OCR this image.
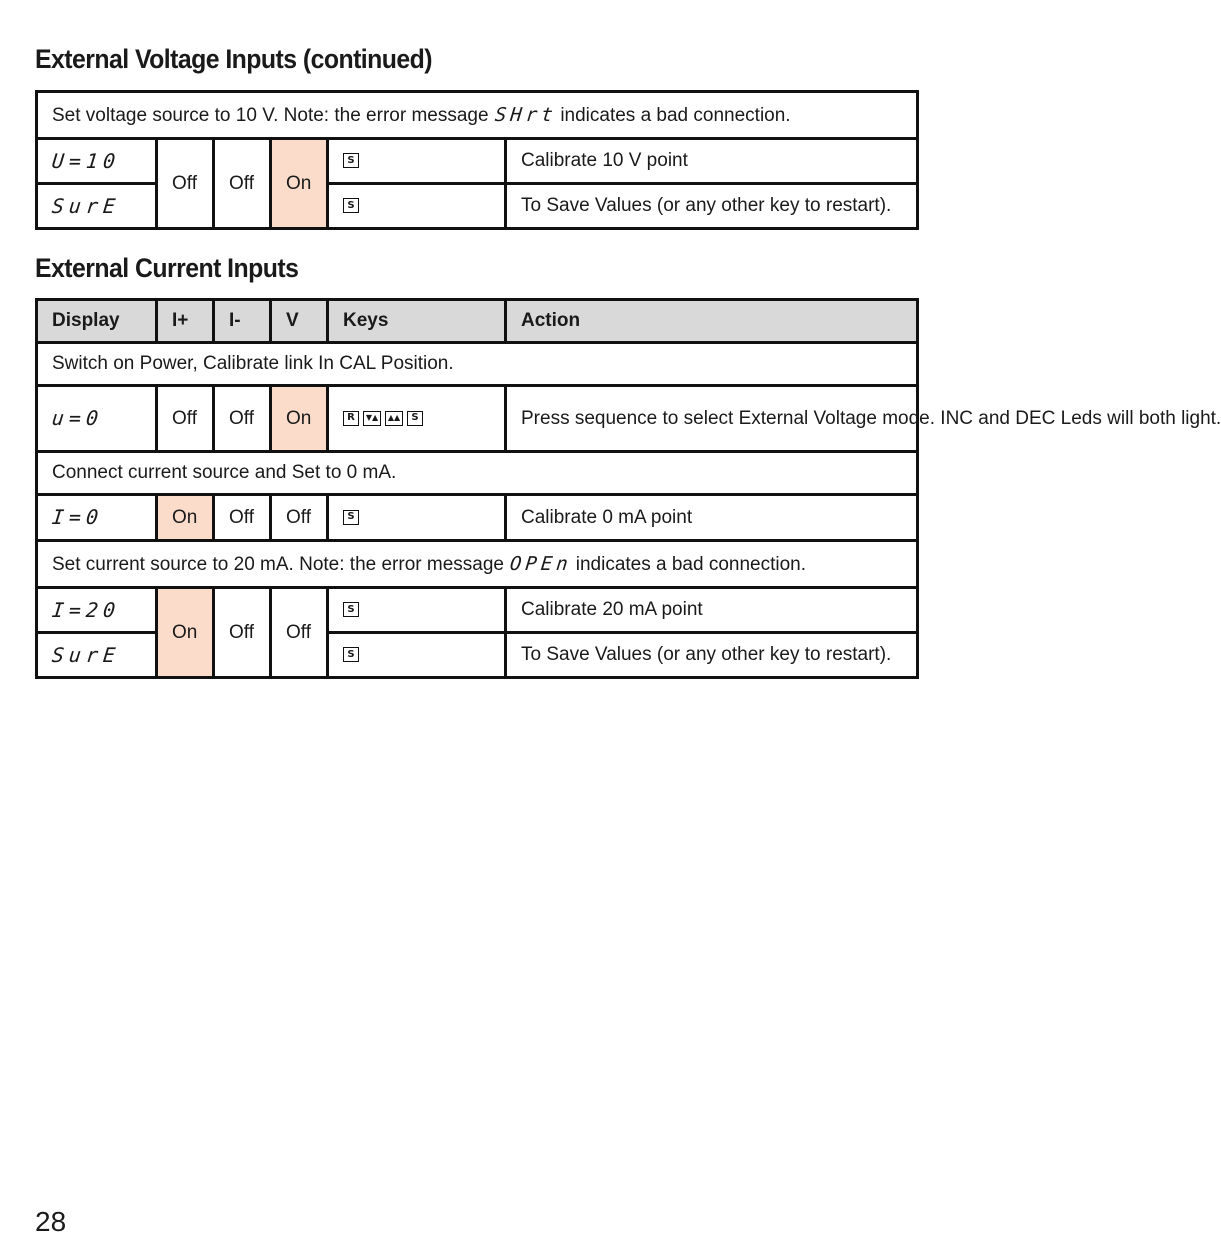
External Voltage Inputs (continued)
Set voltage source to 10 V. Note: the error message SHrt indicates a bad connection.					
U=10	Off	Off	On	S	Calibrate 10 V point
SurE				S	To Save Values (or any other key to restart).
External Current Inputs
Display	I+	I-	V	Keys	Action
Switch on Power, Calibrate link In CAL Position.					
u=0	Off	Off	On	R ▼▲ ▲▲ S	Press sequence to select External Voltage mode. INC and DEC Leds will both light.
Connect current source and Set to 0 mA.					
I=0	On	Off	Off	S	Calibrate 0 mA point
Set current source to 20 mA. Note: the error message OPEn indicates a bad connection.					
I=20	On	Off	Off	S	Calibrate 20 mA point
SurE				S	To Save Values (or any other key to restart).
28
